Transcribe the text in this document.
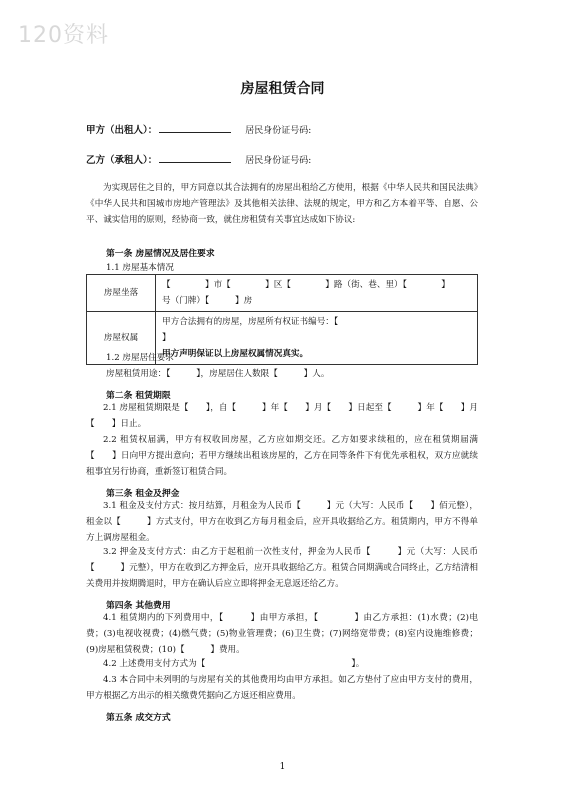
120资料
房屋租赁合同
甲方（出租人）：	居民身份证号码:
乙方（承租人）：	居民身份证号码:
为实现居住之目的，甲方同意以其合法拥有的房屋出租给乙方使用，根据《中华人民共和国民法典》《中华人民共和国城市房地产管理法》及其他相关法律、法规的规定，甲方和乙方本着平等、自愿、公平、诚实信用的原则，经协商一致，就住房租赁有关事宜达成如下协议:
第一条 房屋情况及居住要求
1.1 房屋基本情况
房屋坐落	【　　　　】市【　　　　】区【　　　　】路（街、巷、里）【　　　　】
号（门牌）【　　　】房

房屋权属	甲方合法拥有的房屋，房屋所有权证书编号：【
】
甲方声明保证以上房屋权属情况真实。
1.2 房屋居住要求
房屋租赁用途：【　　　】，房屋居住人数限【　　　】人。
第二条 租赁期限
2.1 房屋租赁期限是【　　】，自【　　　】年【　　】月【　　】日起至【　　　】年【　　】月【　　】日止。
2.2 租赁权届满，甲方有权收回房屋，乙方应如期交还。乙方如要求续租的，应在租赁期届满【　　】日向甲方提出意向；若甲方继续出租该房屋的，乙方在同等条件下有优先承租权，双方应就续租事宜另行协商，重新签订租赁合同。
第三条 租金及押金
3.1 租金及支付方式：按月结算，月租金为人民币【　　　】元（大写：人民币【　　】佰元整），租金以【　　　】方式支付，甲方在收到乙方每月租金后，应开具收据给乙方。租赁期内，甲方不得单方上调房屋租金。
3.2 押金及支付方式：由乙方于起租前一次性支付，押金为人民币【　　　】元（大写：人民币【　　　】元整），甲方在收到乙方押金后，应开具收据给乙方。租赁合同期满或合同终止，乙方结清相关费用并按期腾退时，甲方在确认后应立即将押金无息返还给乙方。
第四条 其他费用
4.1 租赁期内的下列费用中，【　　　】由甲方承担，【　　　　】由乙方承担：(1)水费；(2)电费；(3)电视收视费；(4)燃气费；(5)物业管理费；(6)卫生费；(7)网络宽带费；(8)室内设施维修费；(9)房屋租赁税费；(10)【　　　】费用。
4.2 上述费用支付方式为【　　　　　　　　　　　　　　　　　】。
4.3 本合同中未列明的与房屋有关的其他费用均由甲方承担。如乙方垫付了应由甲方支付的费用，甲方根据乙方出示的相关缴费凭据向乙方返还相应费用。
第五条 成交方式
1
